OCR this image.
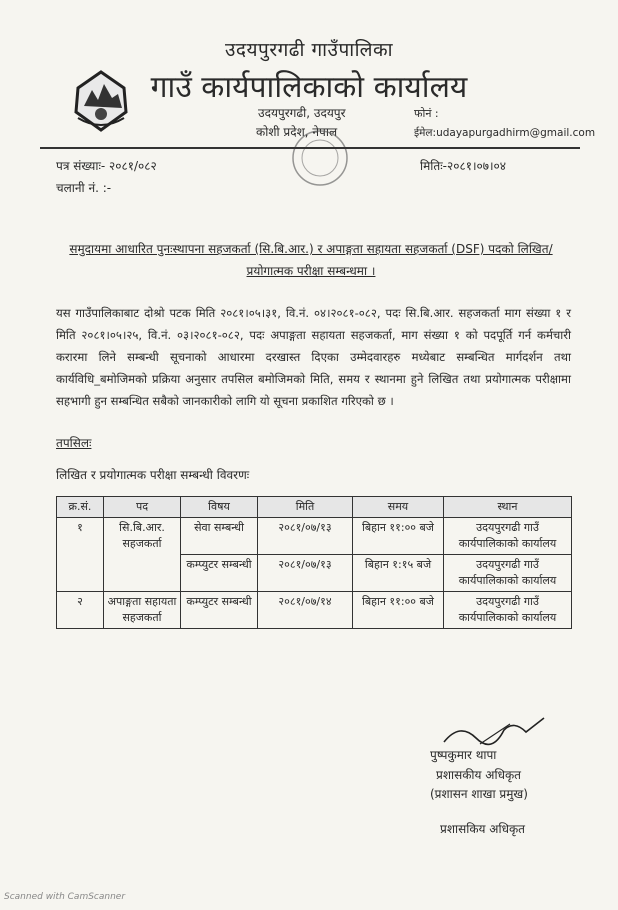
उदयपुरगढी गाउँपालिका
गाउँ कार्यपालिकाको कार्यालय
उदयपुरगढी, उदयपुर
कोशी प्रदेश, नेपाल
फोनं :
ईमेल:udayapurgadhirm@gmail.com
पत्र संख्याः- २०८१/०८२
चलानी नं. :-
मितिः-२०८१।०७।०४
समुदायमा आधारित पुनःस्थापना सहजकर्ता (सि.बि.आर.) र अपाङ्गता सहायता सहजकर्ता (DSF) पदको लिखित/ प्रयोगात्मक परीक्षा सम्बन्धमा ।
यस गाउँपालिकाबाट दोश्रो पटक मिति २०८१।०५।३१, वि.नं. ०४।२०८१-०८२, पदः सि.बि.आर. सहजकर्ता माग संख्या १ र मिति २०८१।०५।२५, वि.नं. ०३।२०८१-०८२, पदः अपाङ्गता सहायता सहजकर्ता, माग संख्या १ को पदपूर्ति गर्न कर्मचारी करारमा लिने सम्बन्धी सूचनाको आधारमा दरखास्त दिएका उम्मेदवारहरु मध्येबाट सम्बन्धित मार्गदर्शन तथा कार्यविधि_बमोजिमको प्रक्रिया अनुसार तपसिल बमोजिमको मिति, समय र स्थानमा हुने लिखित तथा प्रयोगात्मक परीक्षामा सहभागी हुन सम्बन्धित सबैको जानकारीको लागि यो सूचना प्रकाशित गरिएको छ ।
तपसिलः
लिखित र प्रयोगात्मक परीक्षा सम्बन्धी विवरणः
क्र.सं.	पद	विषय	मिति	समय	स्थान
१	सि.बि.आर. सहजकर्ता	सेवा सम्बन्धी	२०८१/०७/१३	बिहान ११:०० बजे	उदयपुरगढी गाउँ कार्यपालिकाको कार्यालय
		कम्प्युटर सम्बन्धी	२०८१/०७/१३	बिहान १:१५ बजे	उदयपुरगढी गाउँ कार्यपालिकाको कार्यालय
२	अपाङ्गता सहायता सहजकर्ता	कम्प्युटर सम्बन्धी	२०८१/०७/१४	बिहान ११:०० बजे	उदयपुरगढी गाउँ कार्यपालिकाको कार्यालय
पुष्पकुमार थापा
प्रशासकीय अधिकृत
(प्रशासन शाखा प्रमुख)
प्रशासकिय अधिकृत
Scanned with CamScanner
